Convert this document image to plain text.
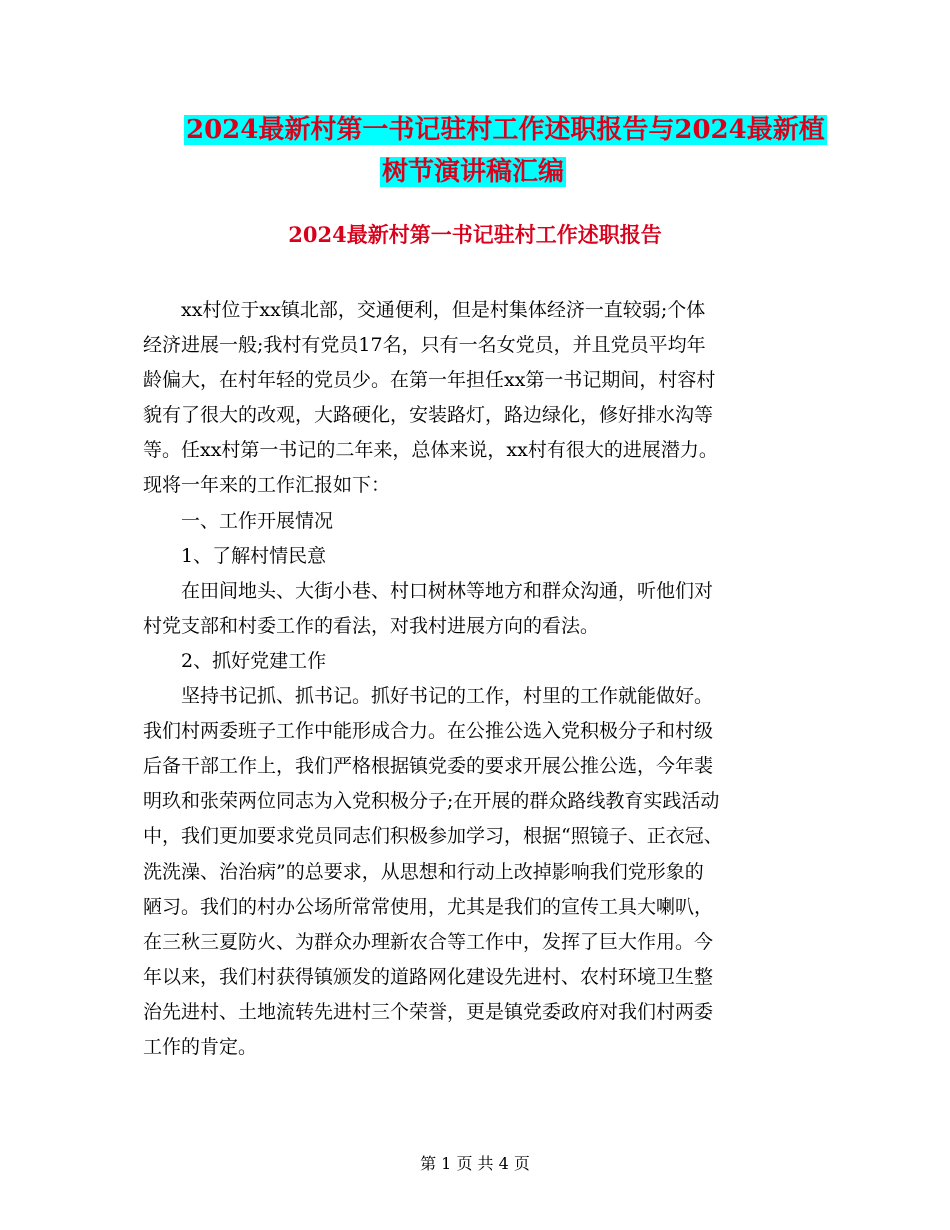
2024最新村第一书记驻村工作述职报告与2024最新植
树节演讲稿汇编
2024最新村第一书记驻村工作述职报告

　　xx村位于xx镇北部，交通便利，但是村集体经济一直较弱;个体

经济进展一般;我村有党员17名，只有一名女党员，并且党员平均年

龄偏大，在村年轻的党员少。在第一年担任xx第一书记期间，村容村

貌有了很大的改观，大路硬化，安装路灯，路边绿化，修好排水沟等

等。任xx村第一书记的二年来，总体来说，xx村有很大的进展潜力。

现将一年来的工作汇报如下：

　　一、工作开展情况

　　1、了解村情民意

　　在田间地头、大街小巷、村口树林等地方和群众沟通，听他们对

村党支部和村委工作的看法，对我村进展方向的看法。

　　2、抓好党建工作

　　坚持书记抓、抓书记。抓好书记的工作，村里的工作就能做好。

我们村两委班子工作中能形成合力。在公推公选入党积极分子和村级

后备干部工作上，我们严格根据镇党委的要求开展公推公选，今年裴

明玖和张荣两位同志为入党积极分子;在开展的群众路线教育实践活动

中，我们更加要求党员同志们积极参加学习，根据“照镜子、正衣冠、

洗洗澡、治治病”的总要求，从思想和行动上改掉影响我们党形象的

陋习。我们的村办公场所常常使用，尤其是我们的宣传工具大喇叭，

在三秋三夏防火、为群众办理新农合等工作中，发挥了巨大作用。今

年以来，我们村获得镇颁发的道路网化建设先进村、农村环境卫生整

治先进村、土地流转先进村三个荣誉，更是镇党委政府对我们村两委

工作的肯定。

第 1 页 共 4 页
